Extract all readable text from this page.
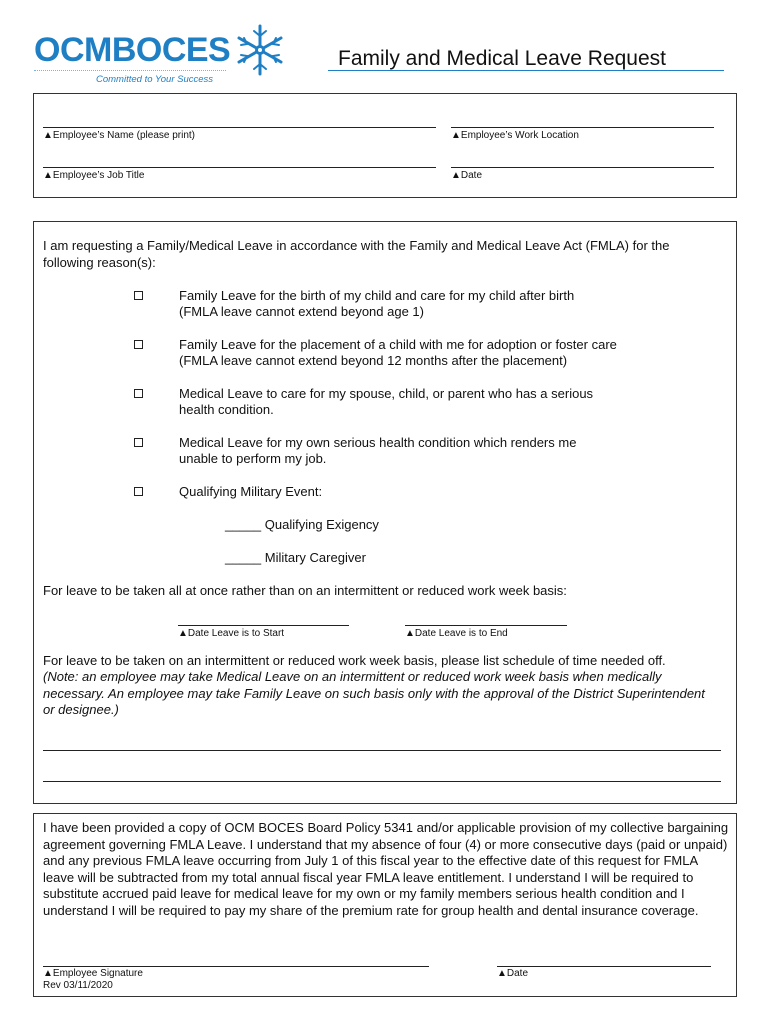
OCMBOCES
Committed to Your Success
Family and Medical Leave Request
▲Employee’s Name (please print)	▲Employee’s Work Location
▲Employee’s Job Title	▲Date
I am requesting a Family/Medical Leave in accordance with the Family and Medical Leave Act (FMLA) for the following reason(s):
Family Leave for the birth of my child and care for my child after birth
(FMLA leave cannot extend beyond age 1)
Family Leave for the placement of a child with me for adoption or foster care
(FMLA leave cannot extend beyond 12 months after the placement)
Medical Leave to care for my spouse, child, or parent who has a serious
health condition.
Medical Leave for my own serious health condition which renders me
unable to perform my job.
Qualifying Military Event:
_____ Qualifying Exigency
_____ Military Caregiver
For leave to be taken all at once rather than on an intermittent or reduced work week basis:
▲Date Leave is to Start	▲Date Leave is to End
For leave to be taken on an intermittent or reduced work week basis, please list schedule of time needed off.
(Note: an employee may take Medical Leave on an intermittent or reduced work week basis when medically necessary. An employee may take Family Leave on such basis only with the approval of the District Superintendent or designee.)
I have been provided a copy of OCM BOCES Board Policy 5341 and/or applicable provision of my collective bargaining agreement governing FMLA Leave. I understand that my absence of four (4) or more consecutive days (paid or unpaid) and any previous FMLA leave occurring from July 1 of this fiscal year to the effective date of this request for FMLA leave will be subtracted from my total annual fiscal year FMLA leave entitlement. I understand I will be required to substitute accrued paid leave for medical leave for my own or my family members serious health condition and I understand I will be required to pay my share of the premium rate for group health and dental insurance coverage.
▲Employee Signature	▲Date
Rev 03/11/2020
